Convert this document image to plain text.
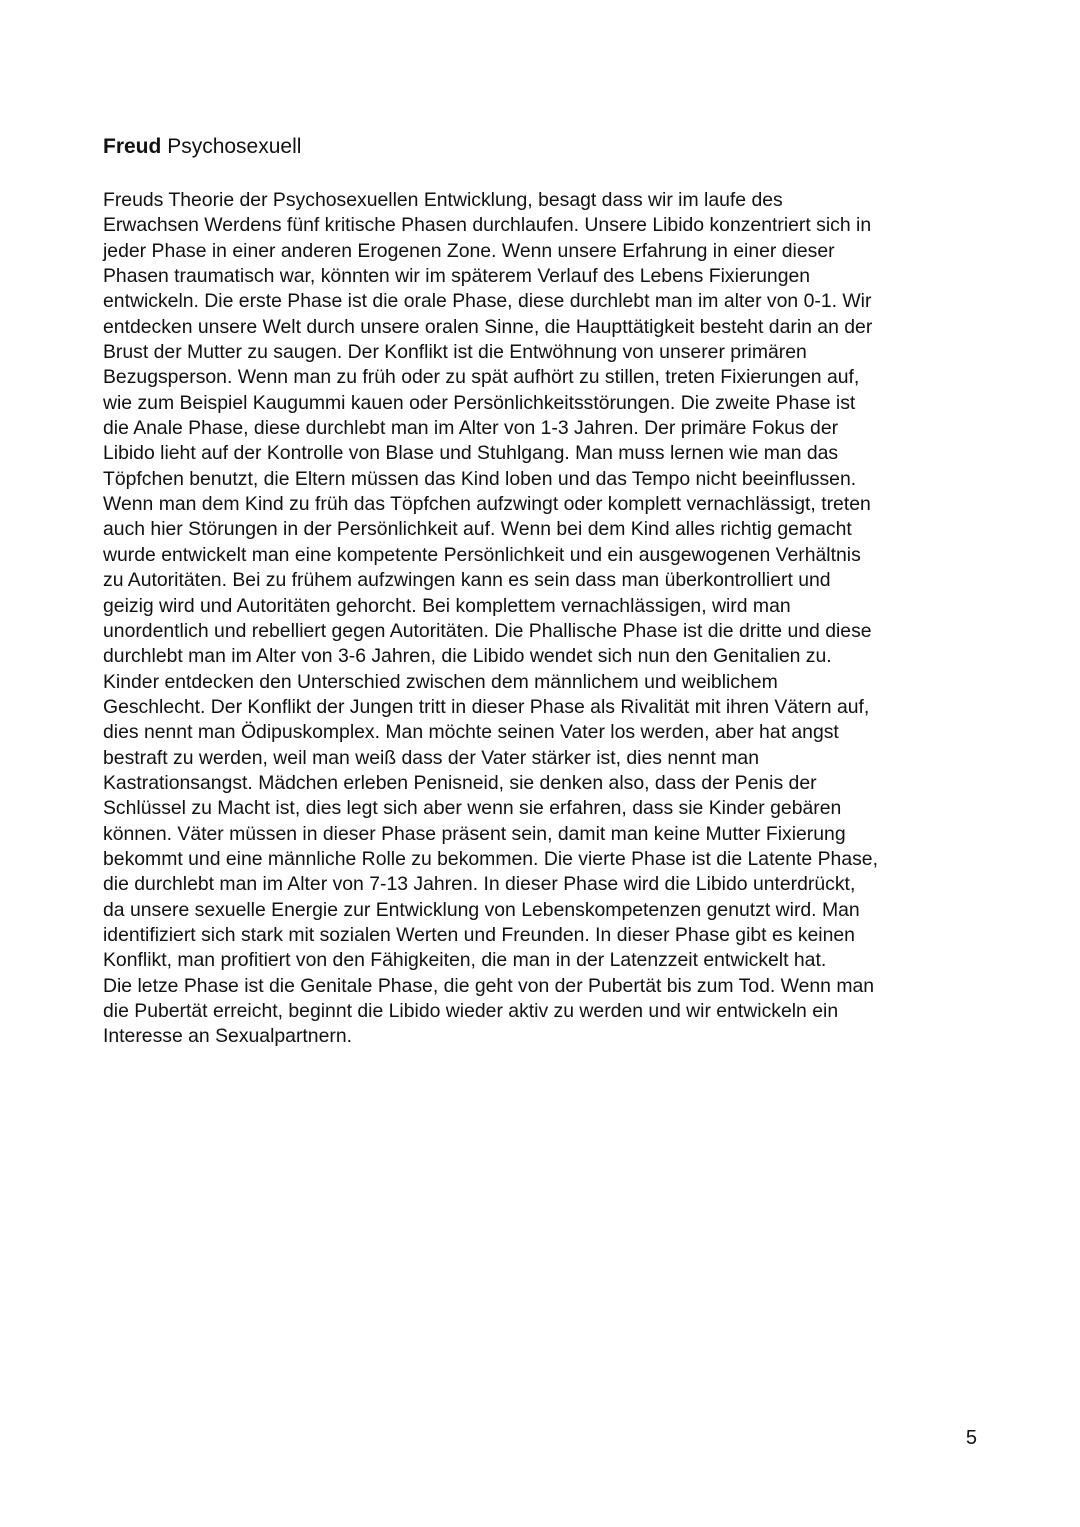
Freud Psychosexuell
Freuds Theorie der Psychosexuellen Entwicklung, besagt dass wir im laufe des
Erwachsen Werdens fünf kritische Phasen durchlaufen. Unsere Libido konzentriert sich in
jeder Phase in einer anderen Erogenen Zone. Wenn unsere Erfahrung in einer dieser
Phasen traumatisch war, könnten wir im späterem Verlauf des Lebens Fixierungen
entwickeln. Die erste Phase ist die orale Phase, diese durchlebt man im alter von 0-1. Wir
entdecken unsere Welt durch unsere oralen Sinne, die Haupttätigkeit besteht darin an der
Brust der Mutter zu saugen. Der Konflikt ist die Entwöhnung von unserer primären
Bezugsperson. Wenn man zu früh oder zu spät aufhört zu stillen, treten Fixierungen auf,
wie zum Beispiel Kaugummi kauen oder Persönlichkeitsstörungen. Die zweite Phase ist
die Anale Phase, diese durchlebt man im Alter von 1-3 Jahren. Der primäre Fokus der
Libido lieht auf der Kontrolle von Blase und Stuhlgang. Man muss lernen wie man das
Töpfchen benutzt, die Eltern müssen das Kind loben und das Tempo nicht beeinflussen.
Wenn man dem Kind zu früh das Töpfchen aufzwingt oder komplett vernachlässigt, treten
auch hier Störungen in der Persönlichkeit auf. Wenn bei dem Kind alles richtig gemacht
wurde entwickelt man eine kompetente Persönlichkeit und ein ausgewogenen Verhältnis
zu Autoritäten. Bei zu frühem aufzwingen kann es sein dass man überkontrolliert und
geizig wird und Autoritäten gehorcht. Bei komplettem vernachlässigen, wird man
unordentlich und rebelliert gegen Autoritäten. Die Phallische Phase ist die dritte und diese
durchlebt man im Alter von 3-6 Jahren, die Libido wendet sich nun den Genitalien zu.
Kinder entdecken den Unterschied zwischen dem männlichem und weiblichem
Geschlecht. Der Konflikt der Jungen tritt in dieser Phase als Rivalität mit ihren Vätern auf,
dies nennt man Ödipuskomplex. Man möchte seinen Vater los werden, aber hat angst
bestraft zu werden, weil man weiß dass der Vater stärker ist, dies nennt man
Kastrationsangst. Mädchen erleben Penisneid, sie denken also, dass der Penis der
Schlüssel zu Macht ist, dies legt sich aber wenn sie erfahren, dass sie Kinder gebären
können. Väter müssen in dieser Phase präsent sein, damit man keine Mutter Fixierung
bekommt und eine männliche Rolle zu bekommen. Die vierte Phase ist die Latente Phase,
die durchlebt man im Alter von 7-13 Jahren. In dieser Phase wird die Libido unterdrückt,
da unsere sexuelle Energie zur Entwicklung von Lebenskompetenzen genutzt wird. Man
identifiziert sich stark mit sozialen Werten und Freunden. In dieser Phase gibt es keinen
Konflikt, man profitiert von den Fähigkeiten, die man in der Latenzzeit entwickelt hat.
Die letze Phase ist die Genitale Phase, die geht von der Pubertät bis zum Tod. Wenn man
die Pubertät erreicht, beginnt die Libido wieder aktiv zu werden und wir entwickeln ein
Interesse an Sexualpartnern.
5
